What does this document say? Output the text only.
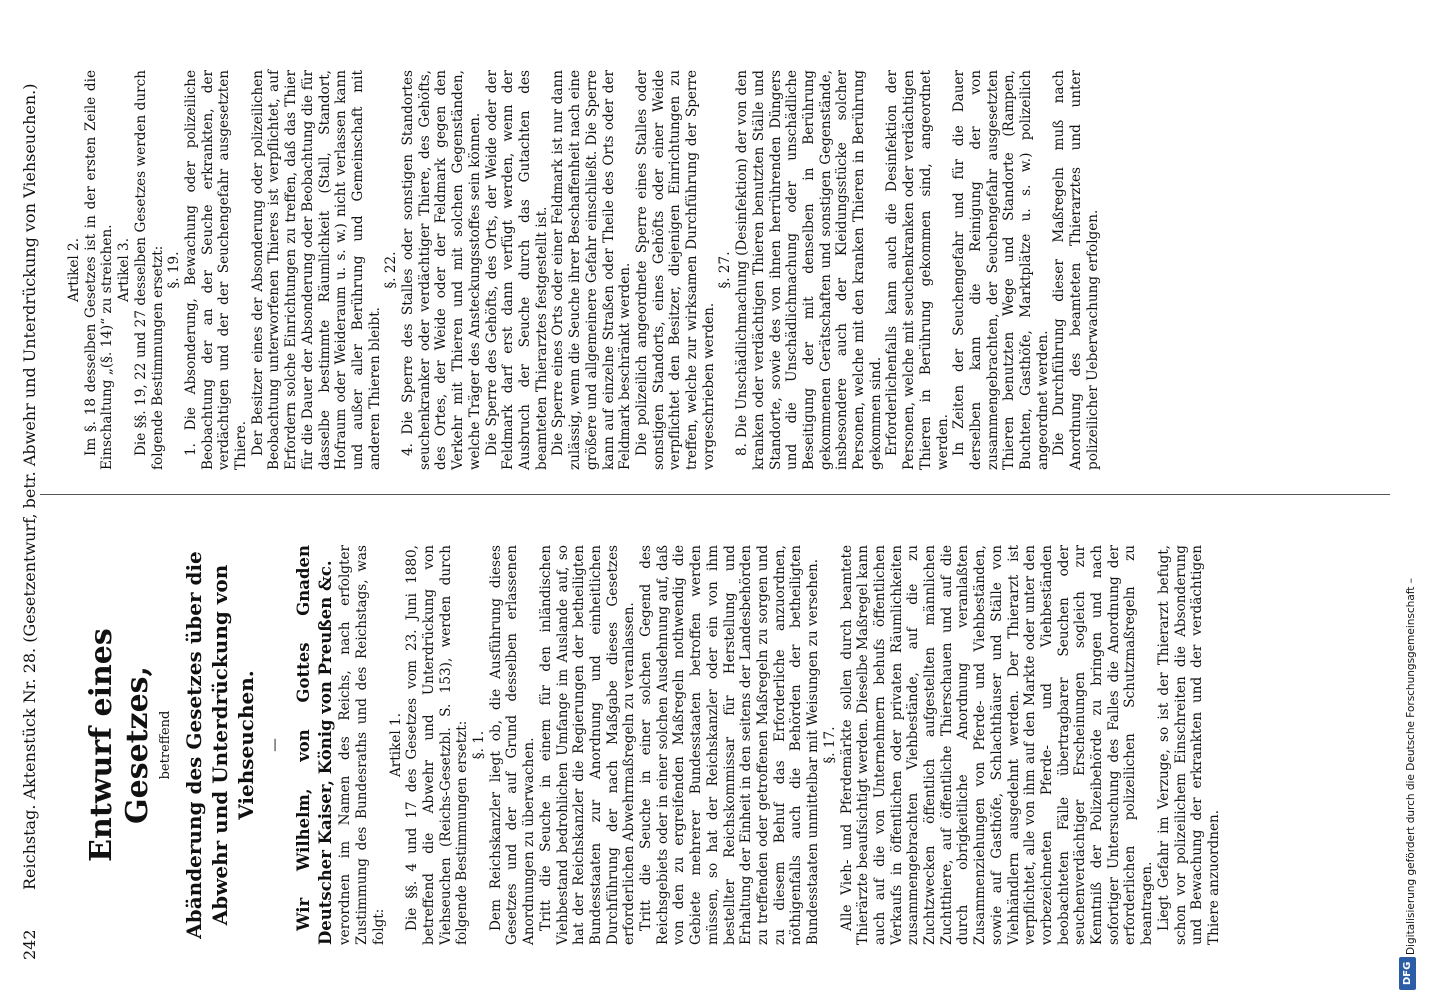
242
Reichstag. Aktenstück Nr. 28. (Gesetzentwurf, betr. Abwehr und Unterdrückung von Viehseuchen.) Entwurf eines Gesetzes, betreffend Abänderung des Gesetzes über die Abwehr und Unterdrückung von Viehseuchen. — Wir Wilhelm, von Gottes Gnaden Deutscher Kaiser, König von Preußen &c. verordnen im Namen des Reichs, nach erfolgter Zustimmung des Bundesraths und des Reichstags, was folgt:

Artikel 1. Die §§. 4 und 17 des Gesetzes vom 23. Juni 1880, betreffend die Abwehr und Unterdrückung von Viehseuchen (Reichs-Gesetzbl. S. 153), werden durch folgende Bestimmungen ersetzt: §. 1. Dem Reichskanzler liegt ob, die Ausführung dieses Gesetzes und der auf Grund desselben erlassenen Anordnungen zu überwachen. Tritt die Seuche in einem für den inländischen Viehbestand bedrohlichen Umfange im Auslande auf, so hat der Reichskanzler die Regierungen der betheiligten Bundesstaaten zur Anordnung und einheitlichen Durchführung der nach Maßgabe dieses Gesetzes erforderlichen Abwehrmaßregeln zu veranlassen. Tritt die Seuche in einer solchen Gegend des Reichsgebiets oder in einer solchen Ausdehnung auf, daß von den zu ergreifenden Maßregeln nothwendig die Gebiete mehrerer Bundesstaaten betroffen werden müssen, so hat der Reichskanzler oder ein von ihm bestellter Reichskommissar für Herstellung und Erhaltung der Einheit in den seitens der Landesbehörden zu treffenden oder getroffenen Maßregeln zu sorgen und zu diesem Behuf das Erforderliche anzuordnen, nöthigenfalls auch die Behörden der betheiligten Bundesstaaten unmittelbar mit Weisungen zu versehen. §. 17. Alle Vieh- und Pferdemärkte sollen durch beamtete Thierärzte beaufsichtigt werden. Dieselbe Maßregel kann auch auf die von Unternehmern behufs öffentlichen Verkaufs in öffentlichen oder privaten Räumlichkeiten zusammengebrachten Viehbestände, auf die zu Zuchtzwecken öffentlich aufgestellten männlichen Zuchtthiere, auf öffentliche Thierschauen und auf die durch obrigkeitliche Anordnung veranlaßten Zusammenziehungen von Pferde- und Viehbeständen, sowie auf Gasthöfe, Schlachthäuser und Ställe von Viehhändlern ausgedehnt werden. Der Thierarzt ist verpflichtet, alle von ihm auf den Markte oder unter den vorbezeichneten Pferde- und Viehbeständen beobachteten Fälle übertragbarer Seuchen oder seuchenverdächtiger Erscheinungen sogleich zur Kenntniß der Polizeibehörde zu bringen und nach sofortiger Untersuchung des Falles die Anordnung der erforderlichen polizeilichen Schutzmaßregeln zu beantragen. Liegt Gefahr im Verzuge, so ist der Thierarzt befugt, schon vor polizeilichem Einschreiten die Absonderung und Bewachung der erkrankten und der verdächtigen Thiere anzuordnen.

Artikel 2. Im §. 18 desselben Gesetzes ist in der ersten Zeile die Einschaltung „(§. 14)“ zu streichen. Artikel 3. Die §§. 19, 22 und 27 desselben Gesetzes werden durch folgende Bestimmungen ersetzt: §. 19. 1. Die Absonderung, Bewachung oder polizeiliche Beobachtung der an der Seuche erkrankten, der verdächtigen und der der Seuchengefahr ausgesetzten Thiere. Der Besitzer eines der Absonderung oder polizeilichen Beobachtung unterworfenen Thieres ist verpflichtet, auf Erfordern solche Einrichtungen zu treffen, daß das Thier für die Dauer der Absonderung oder Beobachtung die für dasselbe bestimmte Räumlichkeit (Stall, Standort, Hofraum oder Weideraum u. s. w.) nicht verlassen kann und außer aller Berührung und Gemeinschaft mit anderen Thieren bleibt.

§. 22. 4. Die Sperre des Stalles oder sonstigen Standortes seuchenkranker oder verdächtiger Thiere, des Gehöfts, des Ortes, der Weide oder der Feldmark gegen den Verkehr mit Thieren und mit solchen Gegenständen, welche Träger des Ansteckungsstoffes sein können. Die Sperre des Gehöfts, des Orts, der Weide oder der Feldmark darf erst dann verfügt werden, wenn der Ausbruch der Seuche durch das Gutachten des beamteten Thierarztes festgestellt ist. Die Sperre eines Orts oder einer Feldmark ist nur dann zulässig, wenn die Seuche ihrer Beschaffenheit nach eine größere und allgemeinere Gefahr einschließt. Die Sperre kann auf einzelne Straßen oder Theile des Orts oder der Feldmark beschränkt werden. Die polizeilich angeordnete Sperre eines Stalles oder sonstigen Standorts, eines Gehöfts oder einer Weide verpflichtet den Besitzer, diejenigen Einrichtungen zu treffen, welche zur wirksamen Durchführung der Sperre vorgeschrieben werden.

§. 27. 8. Die Unschädlichmachung (Desinfektion) der von den kranken oder verdächtigen Thieren benutzten Ställe und Standorte, sowie des von ihnen herrührenden Düngers und die Unschädlichmachung oder unschädliche Beseitigung der mit denselben in Berührung gekommenen Gerätschaften und sonstigen Gegenstände, insbesondere auch der Kleidungsstücke solcher Personen, welche mit den kranken Thieren in Berührung gekommen sind. Erforderlichenfalls kann auch die Desinfektion der Personen, welche mit seuchenkranken oder verdächtigen Thieren in Berührung gekommen sind, angeordnet werden. In Zeiten der Seuchengefahr und für die Dauer derselben kann die Reinigung der von zusammengebrachten, der Seuchengefahr ausgesetzten Thieren benutzten Wege und Standorte (Rampen, Buchten, Gasthöfe, Marktplätze u. s. w.) polizeilich angeordnet werden. Die Durchführung dieser Maßregeln muß nach Anordnung des beamteten Thierarztes und unter polizeilicher Ueberwachung erfolgen.

Digitalisierung gefördert durch die Deutsche Forschungsgemeinschaft –
DFG
